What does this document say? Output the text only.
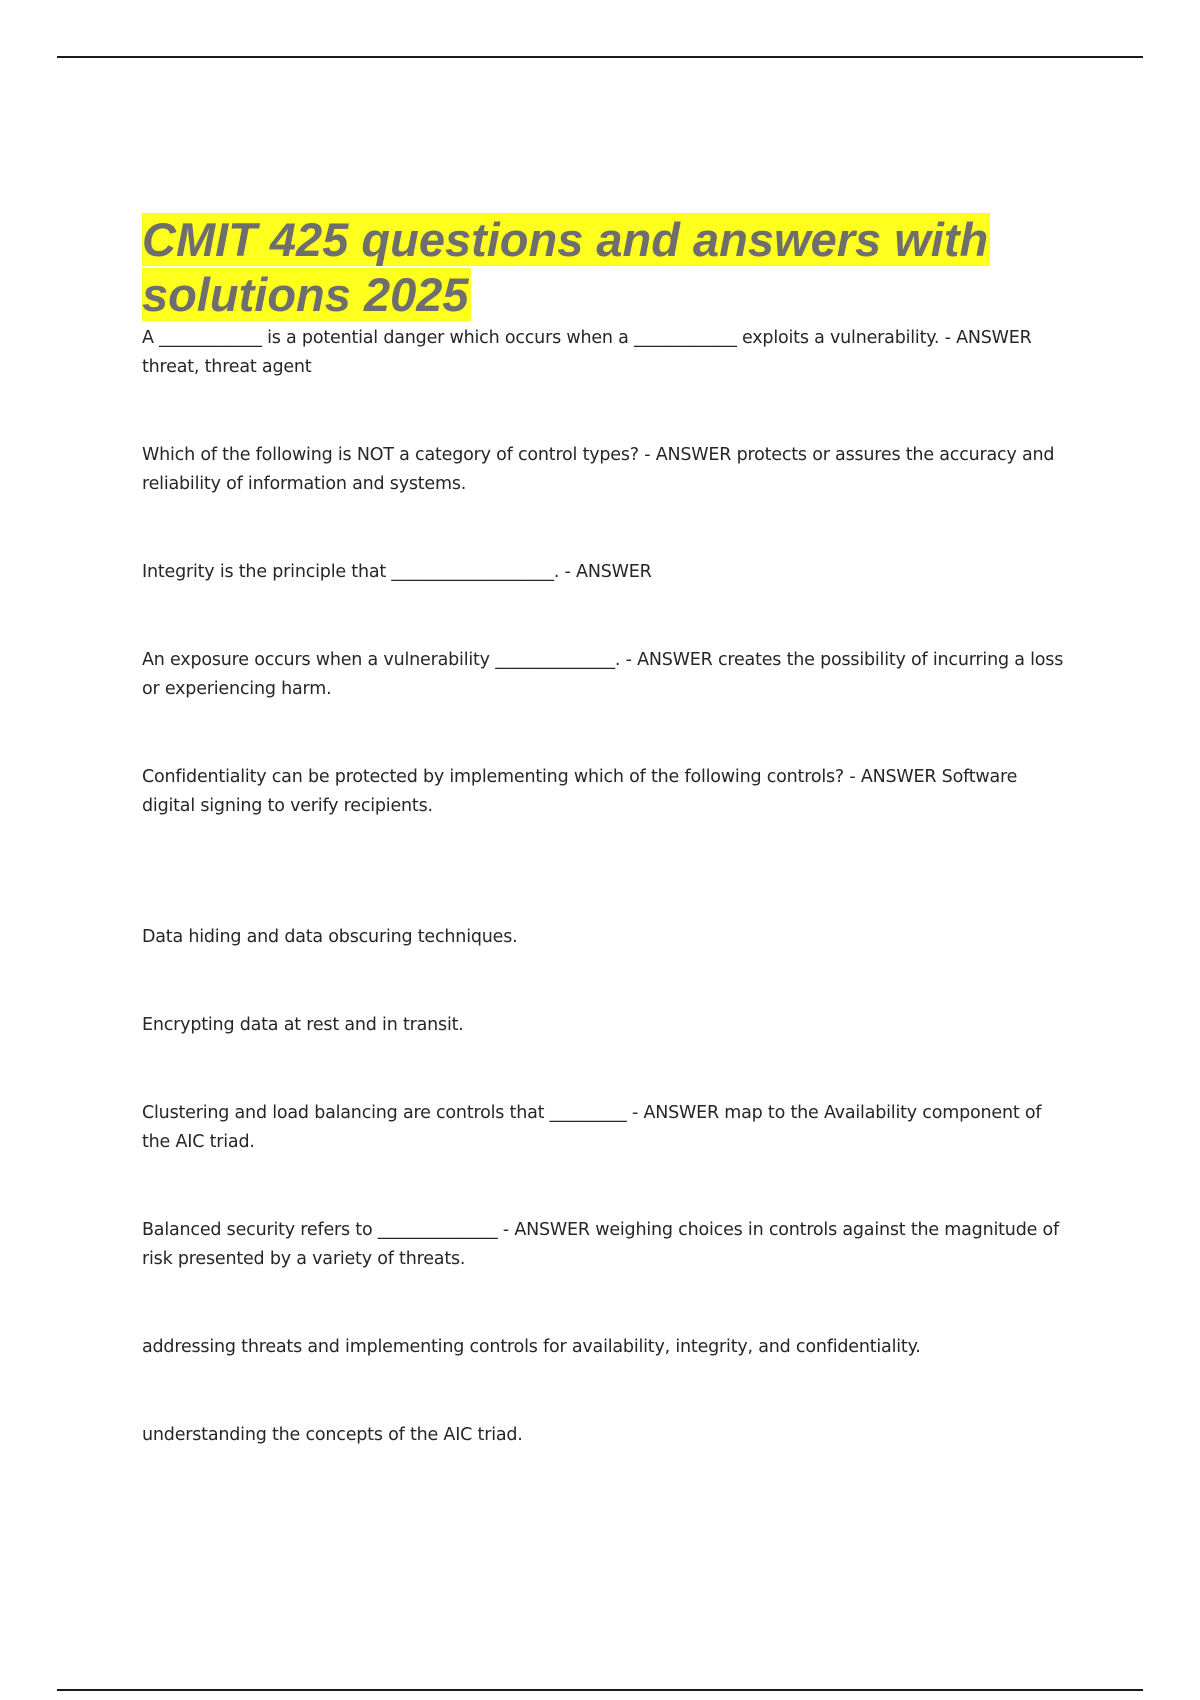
CMIT 425 questions and answers with solutions 2025

A ____________ is a potential danger which occurs when a ____________ exploits a vulnerability. - ANSWER threat, threat agent

Which of the following is NOT a category of control types? - ANSWER protects or assures the accuracy and reliability of information and systems.

Integrity is the principle that ___________________. - ANSWER

An exposure occurs when a vulnerability ______________. - ANSWER creates the possibility of incurring a loss or experiencing harm.

Confidentiality can be protected by implementing which of the following controls? - ANSWER Software digital signing to verify recipients.

Data hiding and data obscuring techniques.

Encrypting data at rest and in transit.

Clustering and load balancing are controls that _________ - ANSWER map to the Availability component of the AIC triad.

Balanced security refers to ______________ - ANSWER weighing choices in controls against the magnitude of risk presented by a variety of threats.

addressing threats and implementing controls for availability, integrity, and confidentiality.

understanding the concepts of the AIC triad.
